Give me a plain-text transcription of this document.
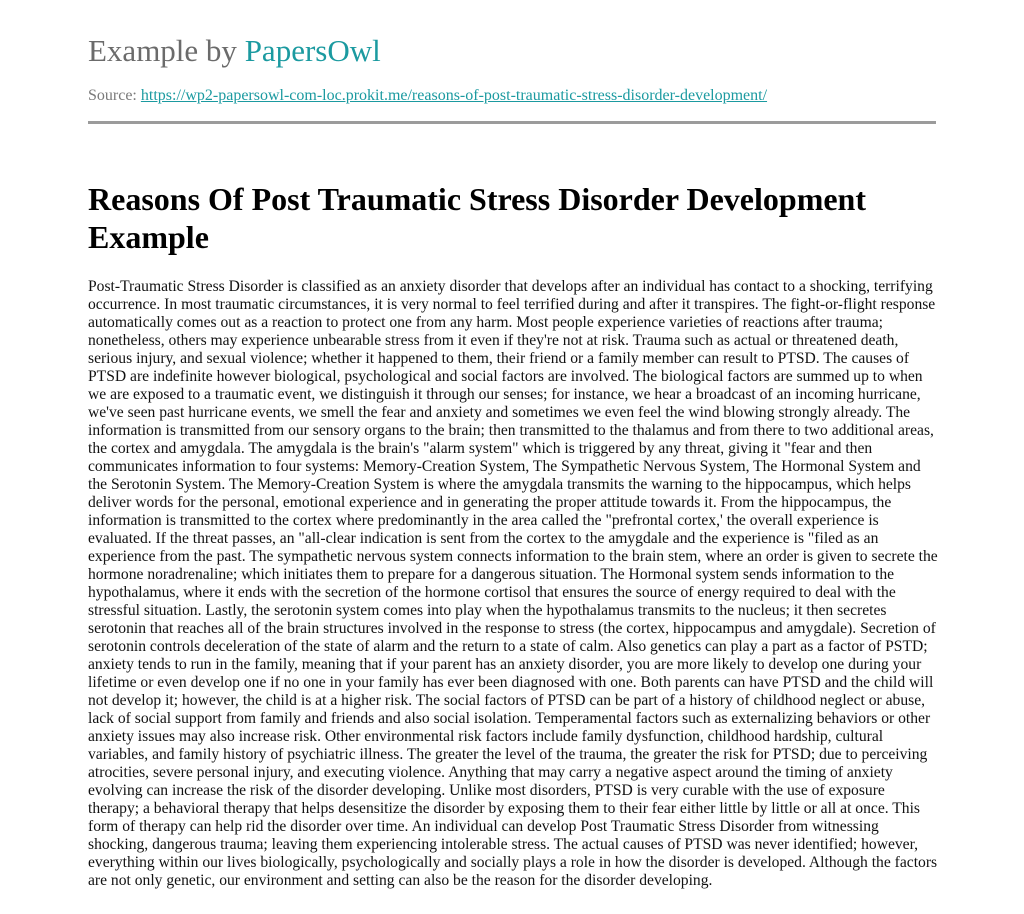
Example by PapersOwl
Source: https://wp2-papersowl-com-loc.prokit.me/reasons-of-post-traumatic-stress-disorder-development/
Reasons Of Post Traumatic Stress Disorder Development Example
Post-Traumatic Stress Disorder is classified as an anxiety disorder that develops after an individual has contact to a shocking, terrifying occurrence. In most traumatic circumstances, it is very normal to feel terrified during and after it transpires. The fight-or-flight response automatically comes out as a reaction to protect one from any harm. Most people experience varieties of reactions after trauma; nonetheless, others may experience unbearable stress from it even if they're not at risk. Trauma such as actual or threatened death, serious injury, and sexual violence; whether it happened to them, their friend or a family member can result to PTSD. The causes of PTSD are indefinite however biological, psychological and social factors are involved. The biological factors are summed up to when we are exposed to a traumatic event, we distinguish it through our senses; for instance, we hear a broadcast of an incoming hurricane, we've seen past hurricane events, we smell the fear and anxiety and sometimes we even feel the wind blowing strongly already. The information is transmitted from our sensory organs to the brain; then transmitted to the thalamus and from there to two additional areas, the cortex and amygdala. The amygdala is the brain's "alarm system" which is triggered by any threat, giving it "fear and then communicates information to four systems: Memory-Creation System, The Sympathetic Nervous System, The Hormonal System and the Serotonin System. The Memory-Creation System is where the amygdala transmits the warning to the hippocampus, which helps deliver words for the personal, emotional experience and in generating the proper attitude towards it. From the hippocampus, the information is transmitted to the cortex where predominantly in the area called the "prefrontal cortex,' the overall experience is evaluated. If the threat passes, an "all-clear indication is sent from the cortex to the amygdale and the experience is "filed as an experience from the past. The sympathetic nervous system connects information to the brain stem, where an order is given to secrete the hormone noradrenaline; which initiates them to prepare for a dangerous situation. The Hormonal system sends information to the hypothalamus, where it ends with the secretion of the hormone cortisol that ensures the source of energy required to deal with the stressful situation. Lastly, the serotonin system comes into play when the hypothalamus transmits to the nucleus; it then secretes serotonin that reaches all of the brain structures involved in the response to stress (the cortex, hippocampus and amygdale). Secretion of serotonin controls deceleration of the state of alarm and the return to a state of calm. Also genetics can play a part as a factor of PSTD; anxiety tends to run in the family, meaning that if your parent has an anxiety disorder, you are more likely to develop one during your lifetime or even develop one if no one in your family has ever been diagnosed with one. Both parents can have PTSD and the child will not develop it; however, the child is at a higher risk. The social factors of PTSD can be part of a history of childhood neglect or abuse, lack of social support from family and friends and also social isolation. Temperamental factors such as externalizing behaviors or other anxiety issues may also increase risk. Other environmental risk factors include family dysfunction, childhood hardship, cultural variables, and family history of psychiatric illness. The greater the level of the trauma, the greater the risk for PTSD; due to perceiving atrocities, severe personal injury, and executing violence. Anything that may carry a negative aspect around the timing of anxiety evolving can increase the risk of the disorder developing. Unlike most disorders, PTSD is very curable with the use of exposure therapy; a behavioral therapy that helps desensitize the disorder by exposing them to their fear either little by little or all at once. This form of therapy can help rid the disorder over time. An individual can develop Post Traumatic Stress Disorder from witnessing shocking, dangerous trauma; leaving them experiencing intolerable stress. The actual causes of PTSD was never identified; however, everything within our lives biologically, psychologically and socially plays a role in how the disorder is developed. Although the factors are not only genetic, our environment and setting can also be the reason for the disorder developing.
